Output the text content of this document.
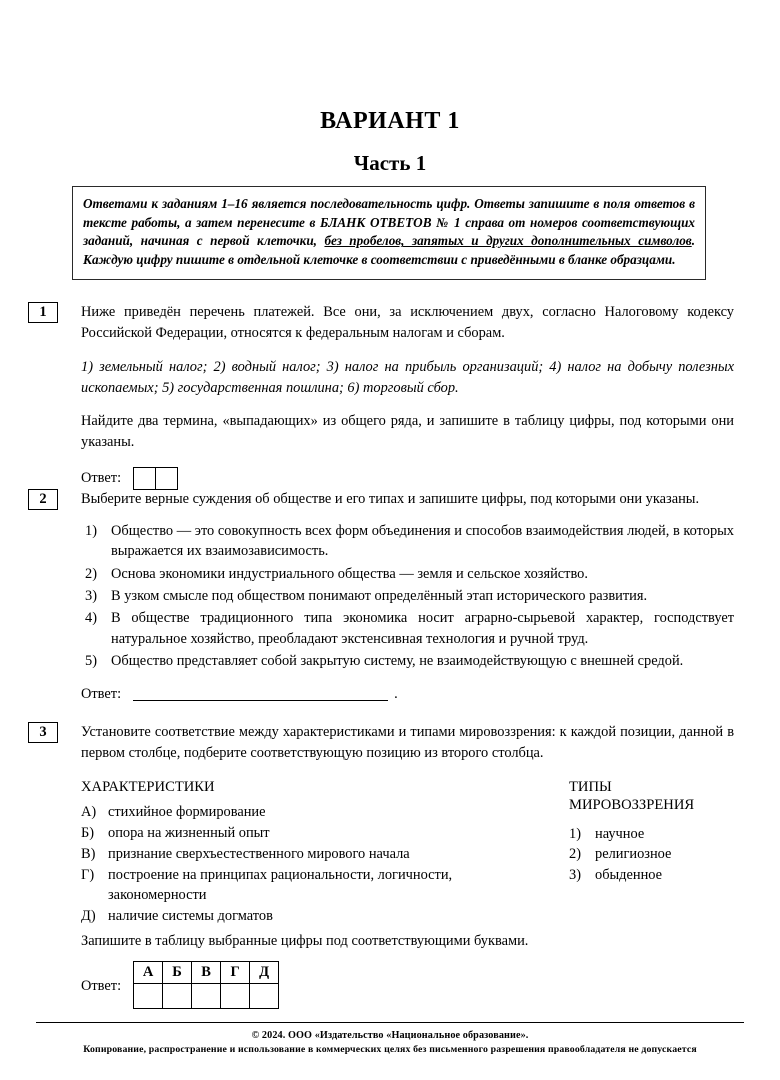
ВАРИАНТ 1
Часть 1

Ответами к заданиям 1–16 является последовательность цифр. Ответы запишите в поля ответов в тексте работы, а затем перенесите в БЛАНК ОТВЕТОВ № 1 справа от номеров соответствующих заданий, начиная с первой клеточки, без пробелов, запятых и других дополнительных символов. Каждую цифру пишите в отдельной клеточке в соответствии с приведёнными в бланке образцами.

1	Ниже приведён перечень платежей. Все они, за исключением двух, согласно Налоговому кодексу Российской Федерации, относятся к федеральным налогам и сборам.

1) земельный налог; 2) водный налог; 3) налог на прибыль организаций; 4) налог на добычу полезных ископаемых; 5) государственная пошлина; 6) торговый сбор.

Найдите два термина, «выпадающих» из общего ряда, и запишите в таблицу цифры, под которыми они указаны.

Ответ:
2	Выберите верные суждения об обществе и его типах и запишите цифры, под которыми они указаны.

1) Общество — это совокупность всех форм объединения и способов взаимодействия людей, в которых выражается их взаимозависимость.
2) Основа экономики индустриального общества — земля и сельское хозяйство.
3) В узком смысле под обществом понимают определённый этап исторического развития.
4) В обществе традиционного типа экономика носит аграрно-сырьевой характер, господствует натуральное хозяйство, преобладают экстенсивная технология и ручной труд.
5) Общество представляет собой закрытую систему, не взаимодействующую с внешней средой.
Ответ:	.
3	Установите соответствие между характеристиками и типами мировоззрения: к каждой позиции, данной в первом столбце, подберите соответствующую позицию из второго столбца.

ХАРАКТЕРИСТИКИ

А) стихийное формирование
Б) опора на жизненный опыт
В) признание сверхъестественного мирового начала
Г) построение на принципах рациональности, логичности, закономерности
Д) наличие системы догматов

ТИПЫ
МИРОВОЗЗРЕНИЯ

1) научное
2) религиозное
3) обыденное

Запишите в таблицу выбранные цифры под соответствующими буквами.

Ответ:
А	Б	В	Г	Д

© 2024. ООО «Издательство «Национальное образование».
Копирование, распространение и использование в коммерческих целях без письменного разрешения правообладателя не допускается
